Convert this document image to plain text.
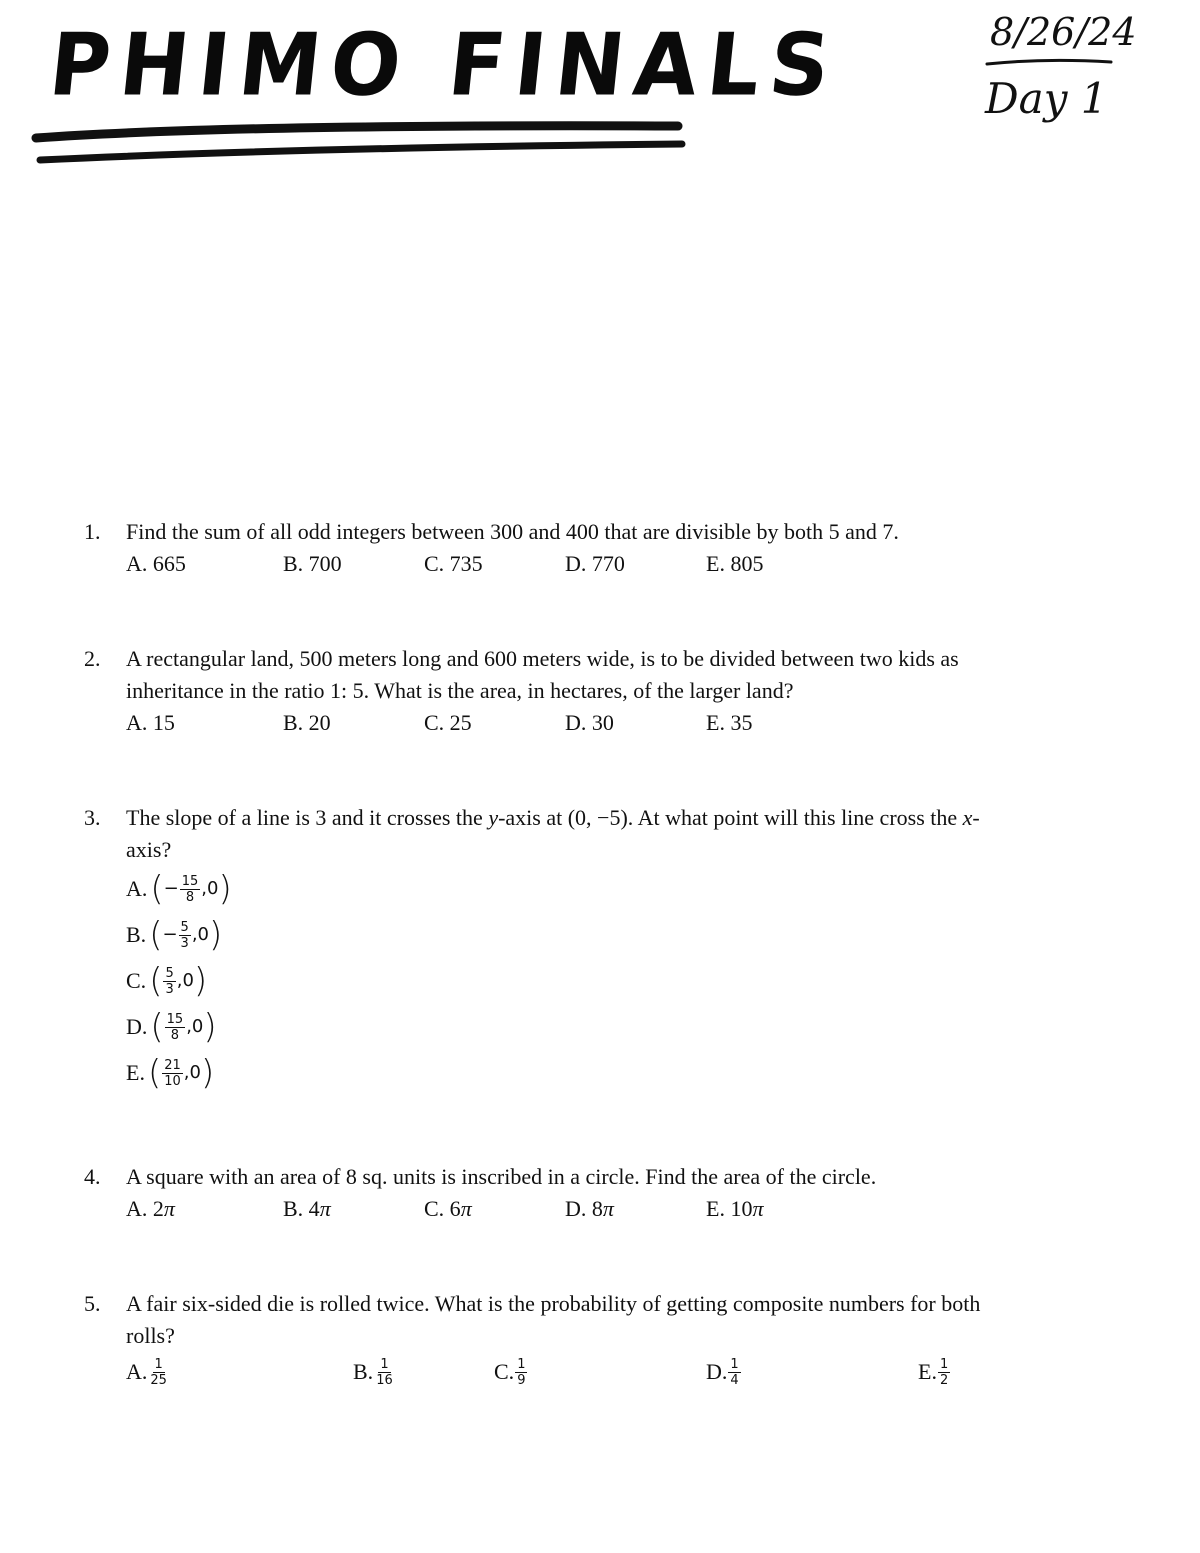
PHIMO FINALS	8/26/24
Day 1
1.	Find the sum of all odd integers between 300 and 400 that are divisible by both 5 and 7.
A. 665	B. 700	C. 735	D. 770	E. 805
2.	A rectangular land, 500 meters long and 600 meters wide, is to be divided between two kids as
inheritance in the ratio 1: 5. What is the area, in hectares, of the larger land?
A. 15	B. 20	C. 25	D. 30	E. 35
3.	The slope of a line is 3 and it crosses the y-axis at (0, −5). At what point will this line cross the x-
axis?
A. ( − $\frac{15}{8} ,0$ )
B. ( − $\frac{5}{3} ,0$ )
C. ( $\frac{5}{3} ,0$ )
D. ( $\frac{15}{8} ,0$ )
E. ( $\frac{21}{10} ,0$ )
4.	A square with an area of 8 sq. units is inscribed in a circle. Find the area of the circle.
A. 2π	B. 4π	C. 6π	D. 8π	E. 10π
5.	A fair six-sided die is rolled twice. What is the probability of getting composite numbers for both
rolls?
A. $\frac{1}{25}$	B. $\frac{1}{16}$	C. $\frac{1}{9}$	D. $\frac{1}{4}$	E. $\frac{1}{2}$
